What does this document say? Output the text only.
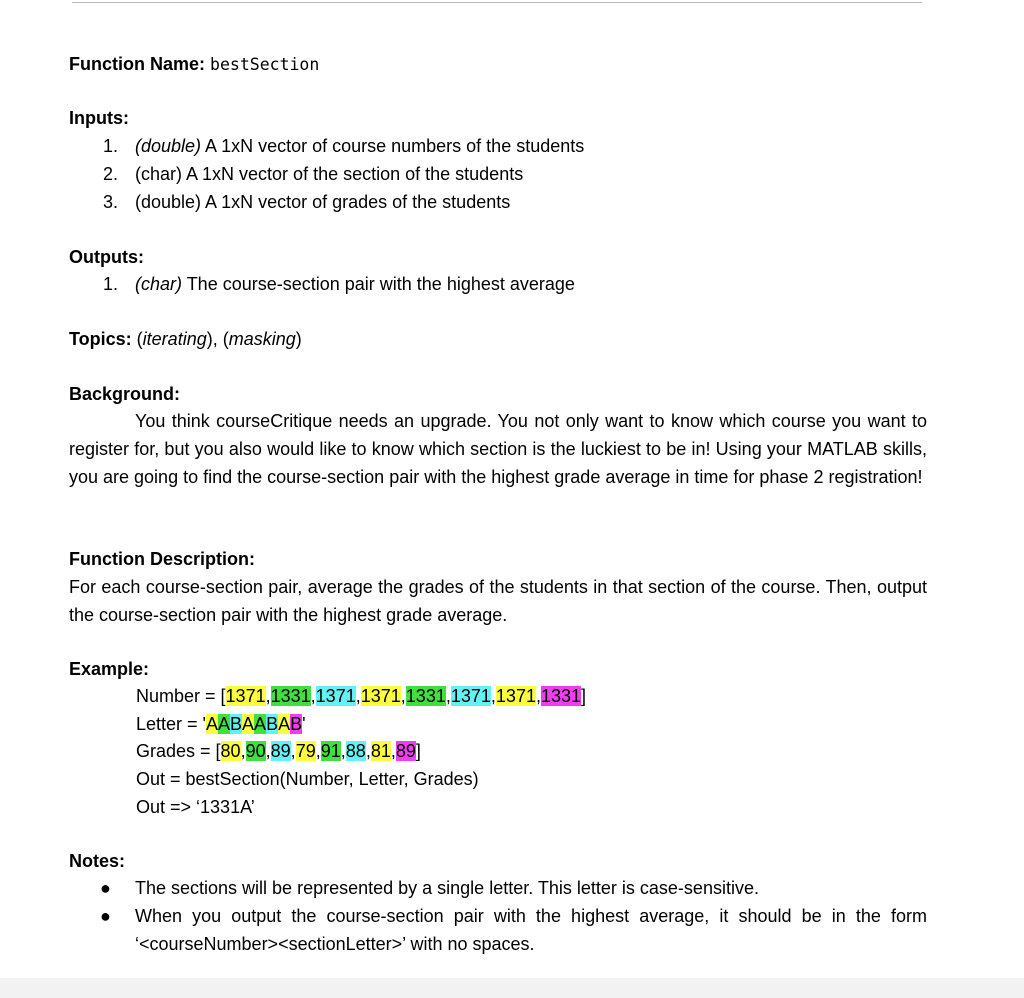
Function Name: bestSection
Inputs:
1. (double) A 1xN vector of course numbers of the students
2. (char) A 1xN vector of the section of the students
3. (double) A 1xN vector of grades of the students
Outputs:
1. (char) The course-section pair with the highest average
Topics: (iterating), (masking)
Background:
You think courseCritique needs an upgrade. You not only want to know which course you want to register for, but you also would like to know which section is the luckiest to be in! Using your MATLAB skills, you are going to find the course-section pair with the highest grade average in time for phase 2 registration!
Function Description:
For each course-section pair, average the grades of the students in that section of the course. Then, output the course-section pair with the highest grade average.
Example:
Number = [1371,1331,1371,1371,1331,1371,1371,1331]
Letter = 'AABAABAB'
Grades = [80,90,89,79,91,88,81,89]
Out = bestSection(Number, Letter, Grades)
Out => ‘1331A’
Notes:
● The sections will be represented by a single letter. This letter is case-sensitive.
● When you output the course-section pair with the highest average, it should be in the form ‘<courseNumber><sectionLetter>’ with no spaces.
